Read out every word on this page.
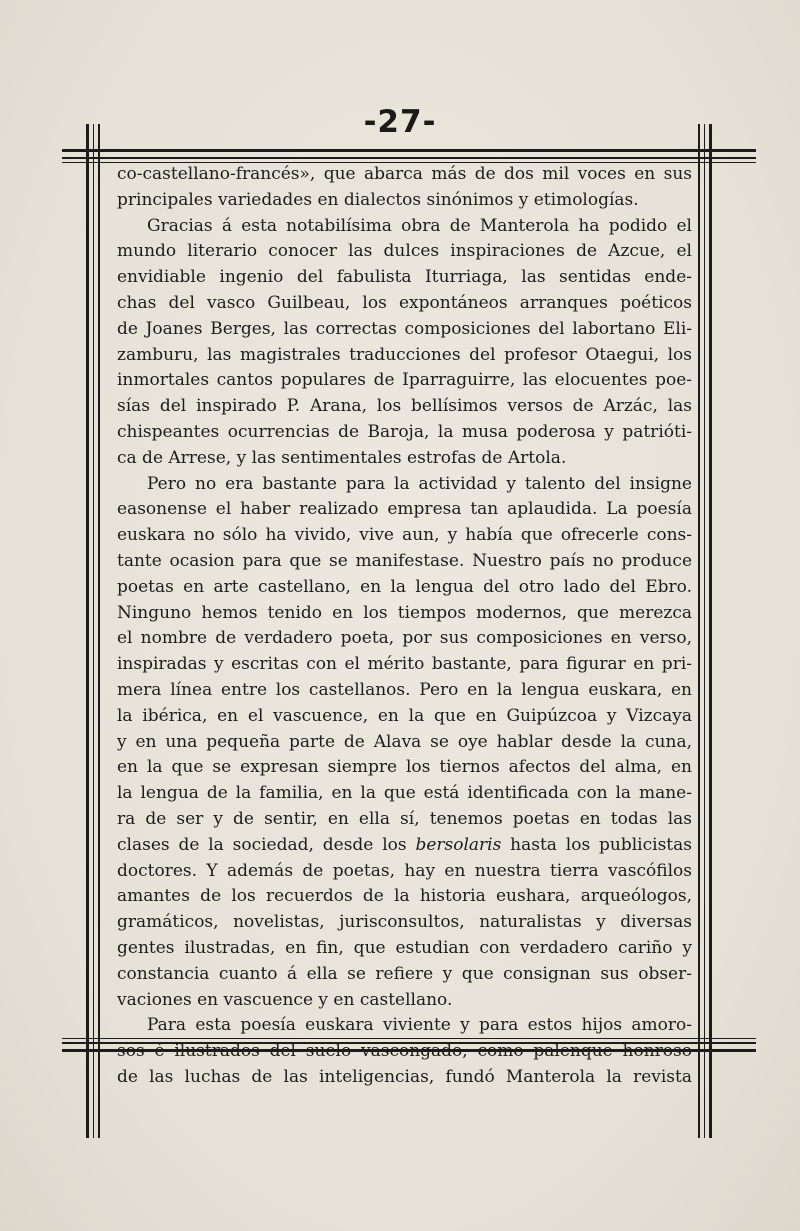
-27-
co-castellano-francés», que abarca más de dos mil voces en sus
principales variedades en dialectos sinónimos y etimologías.
Gracias á esta notabilísima obra de Manterola ha podido el
mundo literario conocer las dulces inspiraciones de Azcue, el
envidiable ingenio del fabulista Iturriaga, las sentidas ende-
chas del vasco Guilbeau, los expontáneos arranques poéticos
de Joanes Berges, las correctas composiciones del labortano Eli-
zamburu, las magistrales traducciones del profesor Otaegui, los
inmortales cantos populares de Iparraguirre, las elocuentes poe-
sías del inspirado P. Arana, los bellísimos versos de Arzác, las
chispeantes ocurrencias de Baroja, la musa poderosa y patrióti-
ca de Arrese, y las sentimentales estrofas de Artola.
Pero no era bastante para la actividad y talento del insigne
easonense el haber realizado empresa tan aplaudida. La poesía
euskara no sólo ha vivido, vive aun, y había que ofrecerle cons-
tante ocasion para que se manifestase. Nuestro país no produce
poetas en arte castellano, en la lengua del otro lado del Ebro.
Ninguno hemos tenido en los tiempos modernos, que merezca
el nombre de verdadero poeta, por sus composiciones en verso,
inspiradas y escritas con el mérito bastante, para figurar en pri-
mera línea entre los castellanos. Pero en la lengua euskara, en
la ibérica, en el vascuence, en la que en Guipúzcoa y Vizcaya
y en una pequeña parte de Alava se oye hablar desde la cuna,
en la que se expresan siempre los tiernos afectos del alma, en
la lengua de la familia, en la que está identificada con la mane-
ra de ser y de sentir, en ella sí, tenemos poetas en todas las
clases de la sociedad, desde los bersolaris hasta los publicistas
doctores. Y además de poetas, hay en nuestra tierra vascófilos
amantes de los recuerdos de la historia eushara, arqueólogos,
gramáticos, novelistas, jurisconsultos, naturalistas y diversas
gentes ilustradas, en fin, que estudian con verdadero cariño y
constancia cuanto á ella se refiere y que consignan sus obser-
vaciones en vascuence y en castellano.
Para esta poesía euskara viviente y para estos hijos amoro-
sos é ilustrados del suelo vascongado, como palenque honroso
de las luchas de las inteligencias, fundó Manterola la revista
